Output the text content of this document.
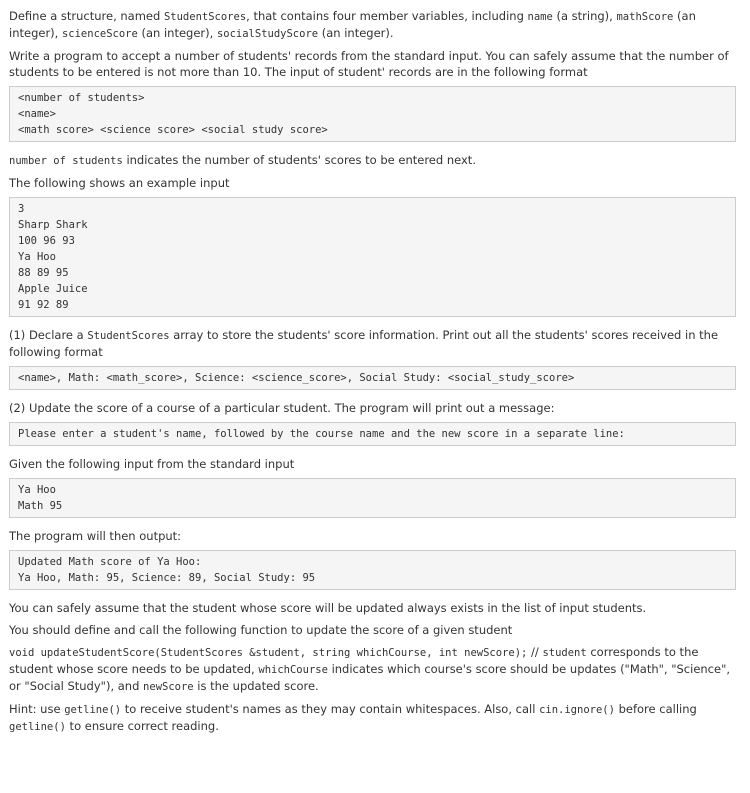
Define a structure, named StudentScores, that contains four member variables, including name (a string), mathScore (an integer), scienceScore (an integer), socialStudyScore (an integer).

Write a program to accept a number of students' records from the standard input. You can safely assume that the number of students to be entered is not more than 10. The input of student' records are in the following format

<number of students>
<name>
<math score> <science score> <social study score>

number of students indicates the number of students' scores to be entered next.

The following shows an example input

3
Sharp Shark
100 96 93
Ya Hoo
88 89 95
Apple Juice
91 92 89

(1) Declare a StudentScores array to store the students' score information. Print out all the students' scores received in the following format

<name>, Math: <math_score>, Science: <science_score>, Social Study: <social_study_score>

(2) Update the score of a course of a particular student. The program will print out a message:

Please enter a student's name, followed by the course name and the new score in a separate line:

Given the following input from the standard input

Ya Hoo
Math 95

The program will then output:

Updated Math score of Ya Hoo:
Ya Hoo, Math: 95, Science: 89, Social Study: 95

You can safely assume that the student whose score will be updated always exists in the list of input students.

You should define and call the following function to update the score of a given student

void updateStudentScore(StudentScores &student, string whichCourse, int newScore); // student corresponds to the student whose score needs to be updated, whichCourse indicates which course's score should be updates ("Math", "Science", or "Social Study"), and newScore is the updated score.

Hint: use getline() to receive student's names as they may contain whitespaces. Also, call cin.ignore() before calling getline() to ensure correct reading.
